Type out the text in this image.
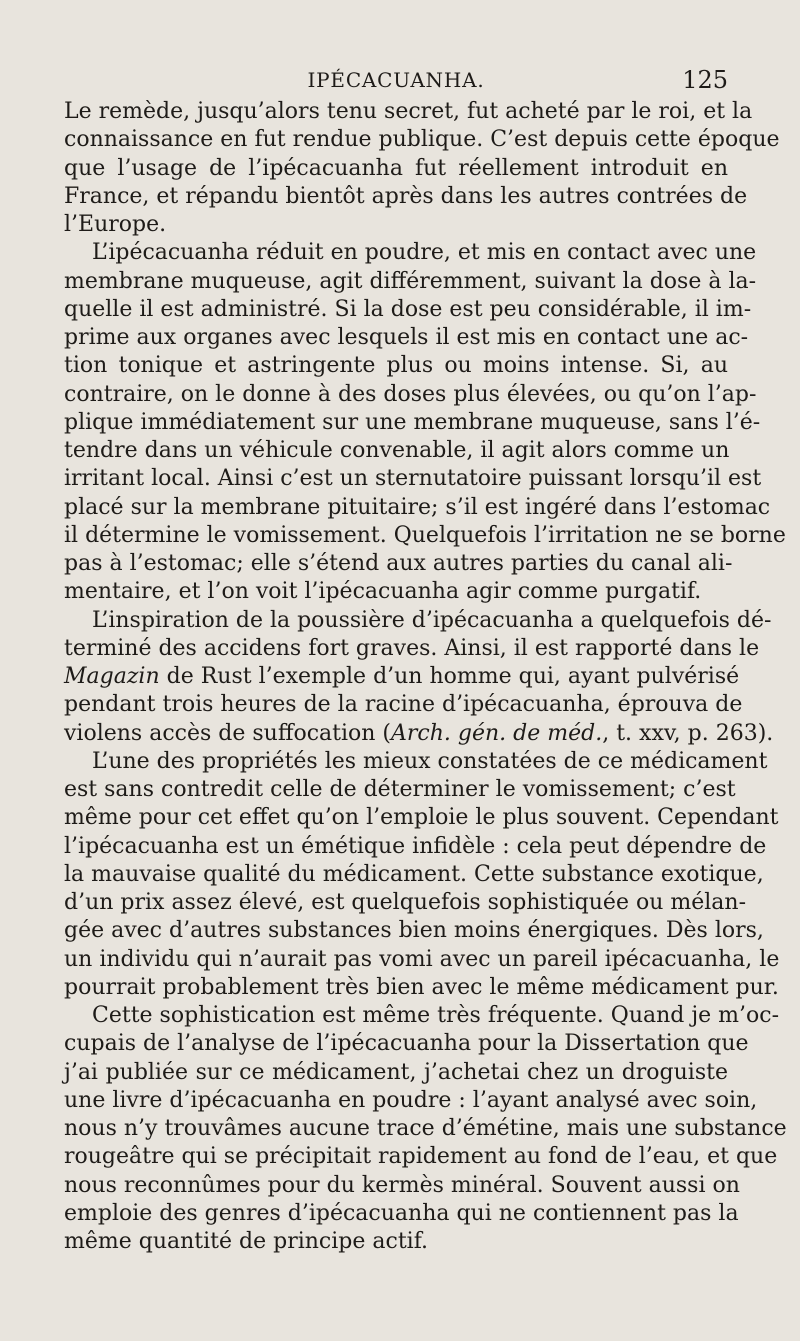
IPÉCACUANHA.	125
Le remède, jusqu’alors tenu secret, fut acheté par le roi, et la
connaissance en fut rendue publique. C’est depuis cette époque
que l’usage de l’ipécacuanha fut réellement introduit en
France, et répandu bientôt après dans les autres contrées de
l’Europe.
L’ipécacuanha réduit en poudre, et mis en contact avec une
membrane muqueuse, agit différemment, suivant la dose à la-
quelle il est administré. Si la dose est peu considérable, il im-
prime aux organes avec lesquels il est mis en contact une ac-
tion tonique et astringente plus ou moins intense. Si, au
contraire, on le donne à des doses plus élevées, ou qu’on l’ap-
plique immédiatement sur une membrane muqueuse, sans l’é-
tendre dans un véhicule convenable, il agit alors comme un
irritant local. Ainsi c’est un sternutatoire puissant lorsqu’il est
placé sur la membrane pituitaire; s’il est ingéré dans l’estomac
il détermine le vomissement. Quelquefois l’irritation ne se borne
pas à l’estomac; elle s’étend aux autres parties du canal ali-
mentaire, et l’on voit l’ipécacuanha agir comme purgatif.
L’inspiration de la poussière d’ipécacuanha a quelquefois dé-
terminé des accidens fort graves. Ainsi, il est rapporté dans le
Magazin de Rust l’exemple d’un homme qui, ayant pulvérisé
pendant trois heures de la racine d’ipécacuanha, éprouva de
violens accès de suffocation (Arch. gén. de méd., t. xxv, p. 263).
L’une des propriétés les mieux constatées de ce médicament
est sans contredit celle de déterminer le vomissement; c’est
même pour cet effet qu’on l’emploie le plus souvent. Cependant
l’ipécacuanha est un émétique infidèle : cela peut dépendre de
la mauvaise qualité du médicament. Cette substance exotique,
d’un prix assez élevé, est quelquefois sophistiquée ou mélan-
gée avec d’autres substances bien moins énergiques. Dès lors,
un individu qui n’aurait pas vomi avec un pareil ipécacuanha, le
pourrait probablement très bien avec le même médicament pur.
Cette sophistication est même très fréquente. Quand je m’oc-
cupais de l’analyse de l’ipécacuanha pour la Dissertation que
j’ai publiée sur ce médicament, j’achetai chez un droguiste
une livre d’ipécacuanha en poudre : l’ayant analysé avec soin,
nous n’y trouvâmes aucune trace d’émétine, mais une substance
rougeâtre qui se précipitait rapidement au fond de l’eau, et que
nous reconnûmes pour du kermès minéral. Souvent aussi on
emploie des genres d’ipécacuanha qui ne contiennent pas la
même quantité de principe actif.
